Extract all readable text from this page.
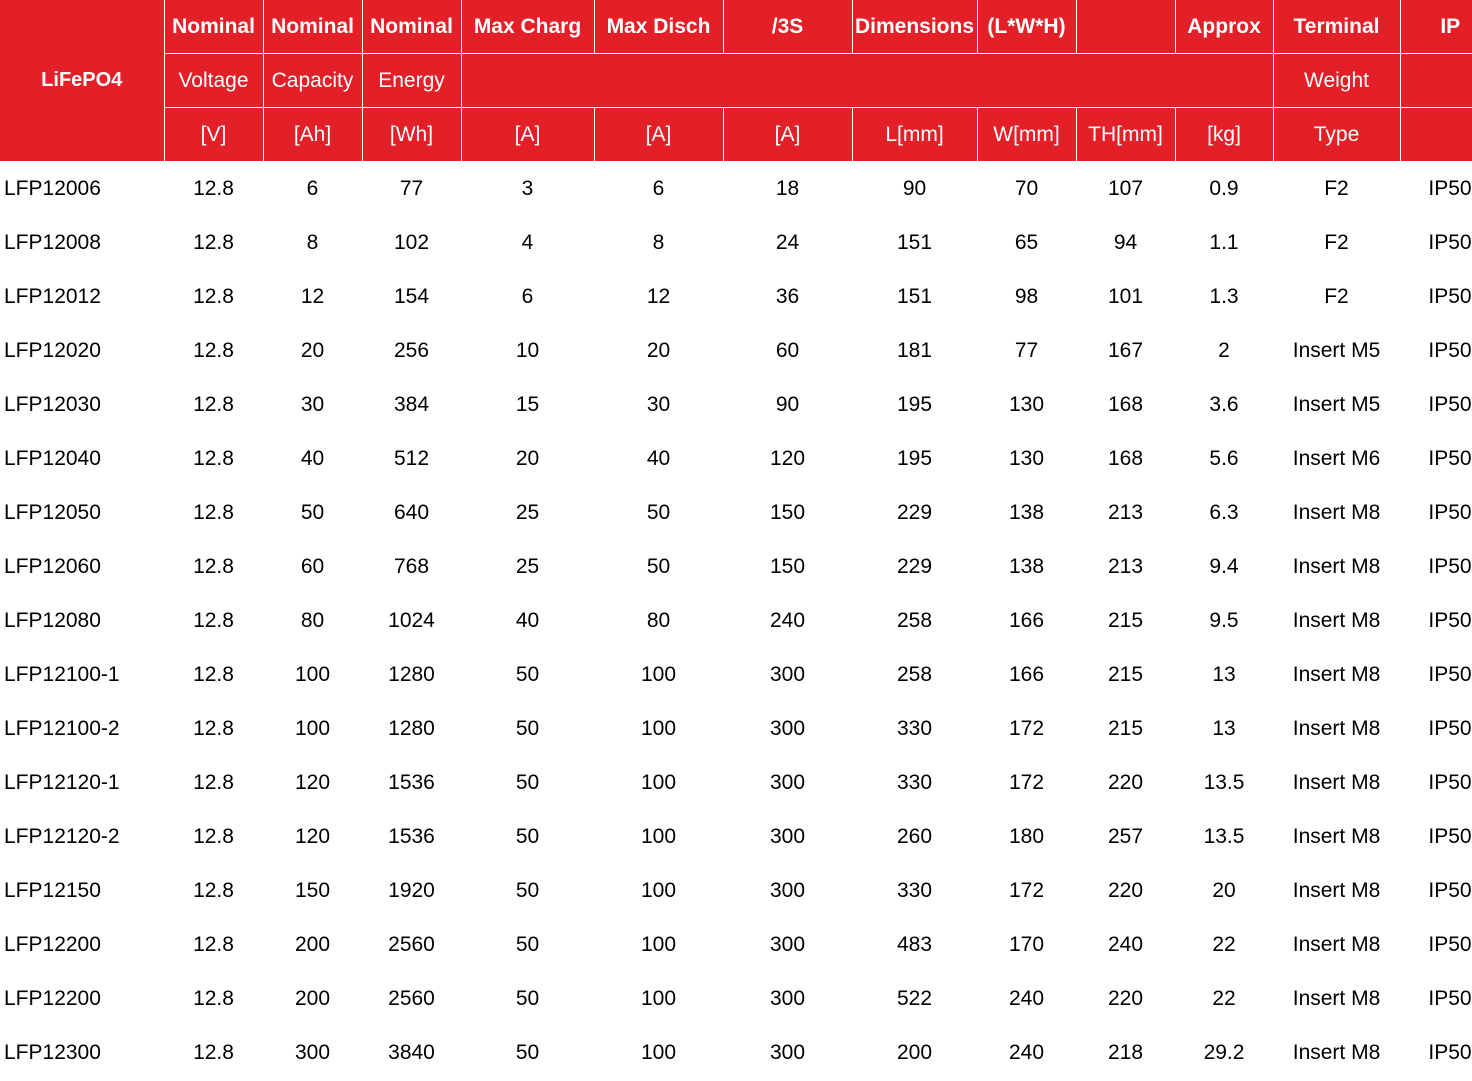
LiFePO4	Nominal	Nominal	Nominal	Max Charg	Max Disch	/3S	Dimensions	(L*W*H)		Approx	Terminal	IP
	Voltage	Capacity	Energy								Weight	
	[V]	[Ah]	[Wh]	[A]	[A]	[A]	L[mm]	W[mm]	TH[mm]	[kg]	Type	
LFP12006	12.8	6	77	3	6	18	90	70	107	0.9	F2	IP50
LFP12008	12.8	8	102	4	8	24	151	65	94	1.1	F2	IP50
LFP12012	12.8	12	154	6	12	36	151	98	101	1.3	F2	IP50
LFP12020	12.8	20	256	10	20	60	181	77	167	2	Insert M5	IP50
LFP12030	12.8	30	384	15	30	90	195	130	168	3.6	Insert M5	IP50
LFP12040	12.8	40	512	20	40	120	195	130	168	5.6	Insert M6	IP50
LFP12050	12.8	50	640	25	50	150	229	138	213	6.3	Insert M8	IP50
LFP12060	12.8	60	768	25	50	150	229	138	213	9.4	Insert M8	IP50
LFP12080	12.8	80	1024	40	80	240	258	166	215	9.5	Insert M8	IP50
LFP12100-1	12.8	100	1280	50	100	300	258	166	215	13	Insert M8	IP50
LFP12100-2	12.8	100	1280	50	100	300	330	172	215	13	Insert M8	IP50
LFP12120-1	12.8	120	1536	50	100	300	330	172	220	13.5	Insert M8	IP50
LFP12120-2	12.8	120	1536	50	100	300	260	180	257	13.5	Insert M8	IP50
LFP12150	12.8	150	1920	50	100	300	330	172	220	20	Insert M8	IP50
LFP12200	12.8	200	2560	50	100	300	483	170	240	22	Insert M8	IP50
LFP12200	12.8	200	2560	50	100	300	522	240	220	22	Insert M8	IP50
LFP12300	12.8	300	3840	50	100	300	200	240	218	29.2	Insert M8	IP50
